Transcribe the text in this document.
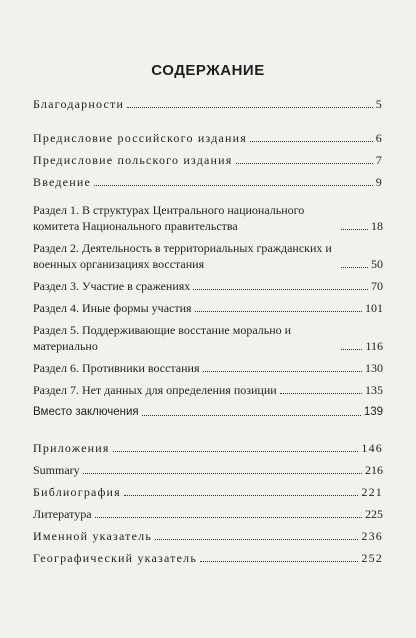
СОДЕРЖАНИЕ
Благодарности	5
Предисловие российского издания	6
Предисловие польского издания	7
Введение	9
Раздел 1. В структурах Центрального национального комитета Национального правительства	18
Раздел 2. Деятельность в территориальных гражданских и военных организациях восстания	50
Раздел 3. Участие в сражениях	70
Раздел 4. Иные формы участия	101
Раздел 5. Поддерживающие восстание морально и материально	116
Раздел 6. Противники восстания	130
Раздел 7. Нет данных для определения позиции	135
Вместо заключения	139
Приложения	146
Summary	216
Библиография	221
Литература	225
Именной указатель	236
Географический указатель	252
